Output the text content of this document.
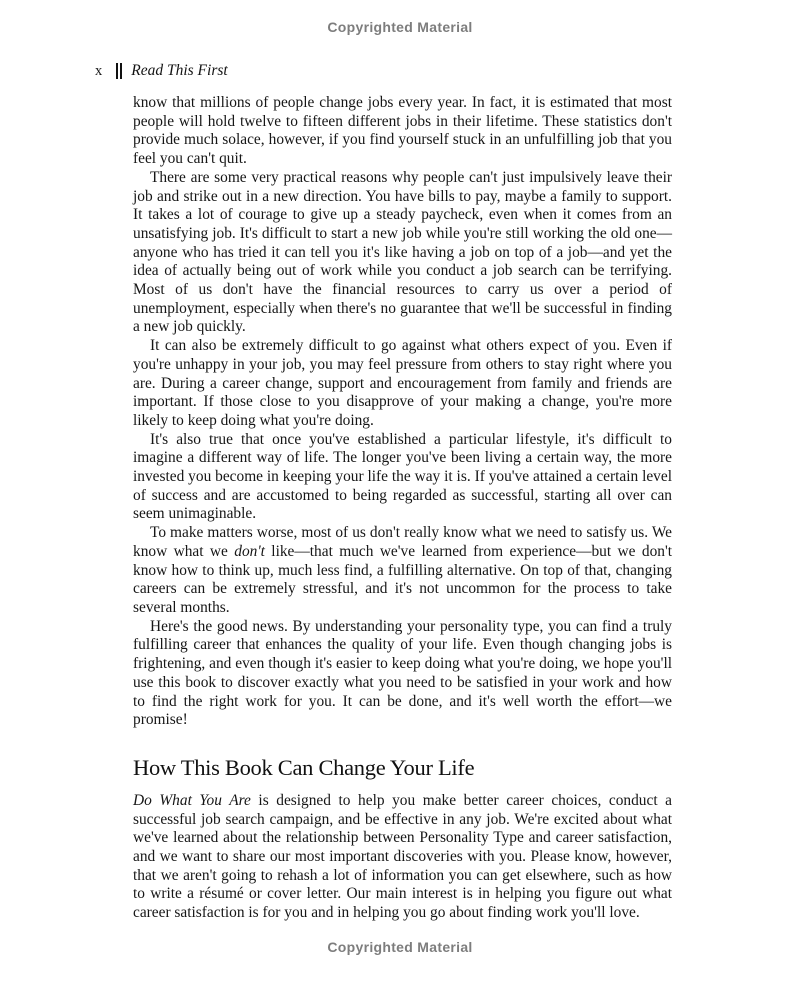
Copyrighted Material
x Read This First

know that millions of people change jobs every year. In fact, it is estimated that most people will hold twelve to fifteen different jobs in their lifetime. These statistics don't provide much solace, however, if you find yourself stuck in an unfulfilling job that you feel you can't quit.

There are some very practical reasons why people can't just impulsively leave their job and strike out in a new direction. You have bills to pay, maybe a family to support. It takes a lot of courage to give up a steady paycheck, even when it comes from an unsatisfying job. It's difficult to start a new job while you're still working the old one—anyone who has tried it can tell you it's like having a job on top of a job—and yet the idea of actually being out of work while you conduct a job search can be terrifying. Most of us don't have the financial resources to carry us over a period of unemployment, especially when there's no guarantee that we'll be successful in finding a new job quickly.

It can also be extremely difficult to go against what others expect of you. Even if you're unhappy in your job, you may feel pressure from others to stay right where you are. During a career change, support and encouragement from family and friends are important. If those close to you disapprove of your making a change, you're more likely to keep doing what you're doing.

It's also true that once you've established a particular lifestyle, it's difficult to imagine a different way of life. The longer you've been living a certain way, the more invested you become in keeping your life the way it is. If you've attained a certain level of success and are accustomed to being regarded as successful, starting all over can seem unimaginable.

To make matters worse, most of us don't really know what we need to satisfy us. We know what we don't like—that much we've learned from experience—but we don't know how to think up, much less find, a fulfilling alternative. On top of that, changing careers can be extremely stressful, and it's not uncommon for the process to take several months.

Here's the good news. By understanding your personality type, you can find a truly fulfilling career that enhances the quality of your life. Even though changing jobs is frightening, and even though it's easier to keep doing what you're doing, we hope you'll use this book to discover exactly what you need to be satisfied in your work and how to find the right work for you. It can be done, and it's well worth the effort—we promise!

How This Book Can Change Your Life

Do What You Are is designed to help you make better career choices, conduct a successful job search campaign, and be effective in any job. We're excited about what we've learned about the relationship between Personality Type and career satisfaction, and we want to share our most important discoveries with you. Please know, however, that we aren't going to rehash a lot of information you can get elsewhere, such as how to write a résumé or cover letter. Our main interest is in helping you figure out what career satisfaction is for you and in helping you go about finding work you'll love.

Copyrighted Material
